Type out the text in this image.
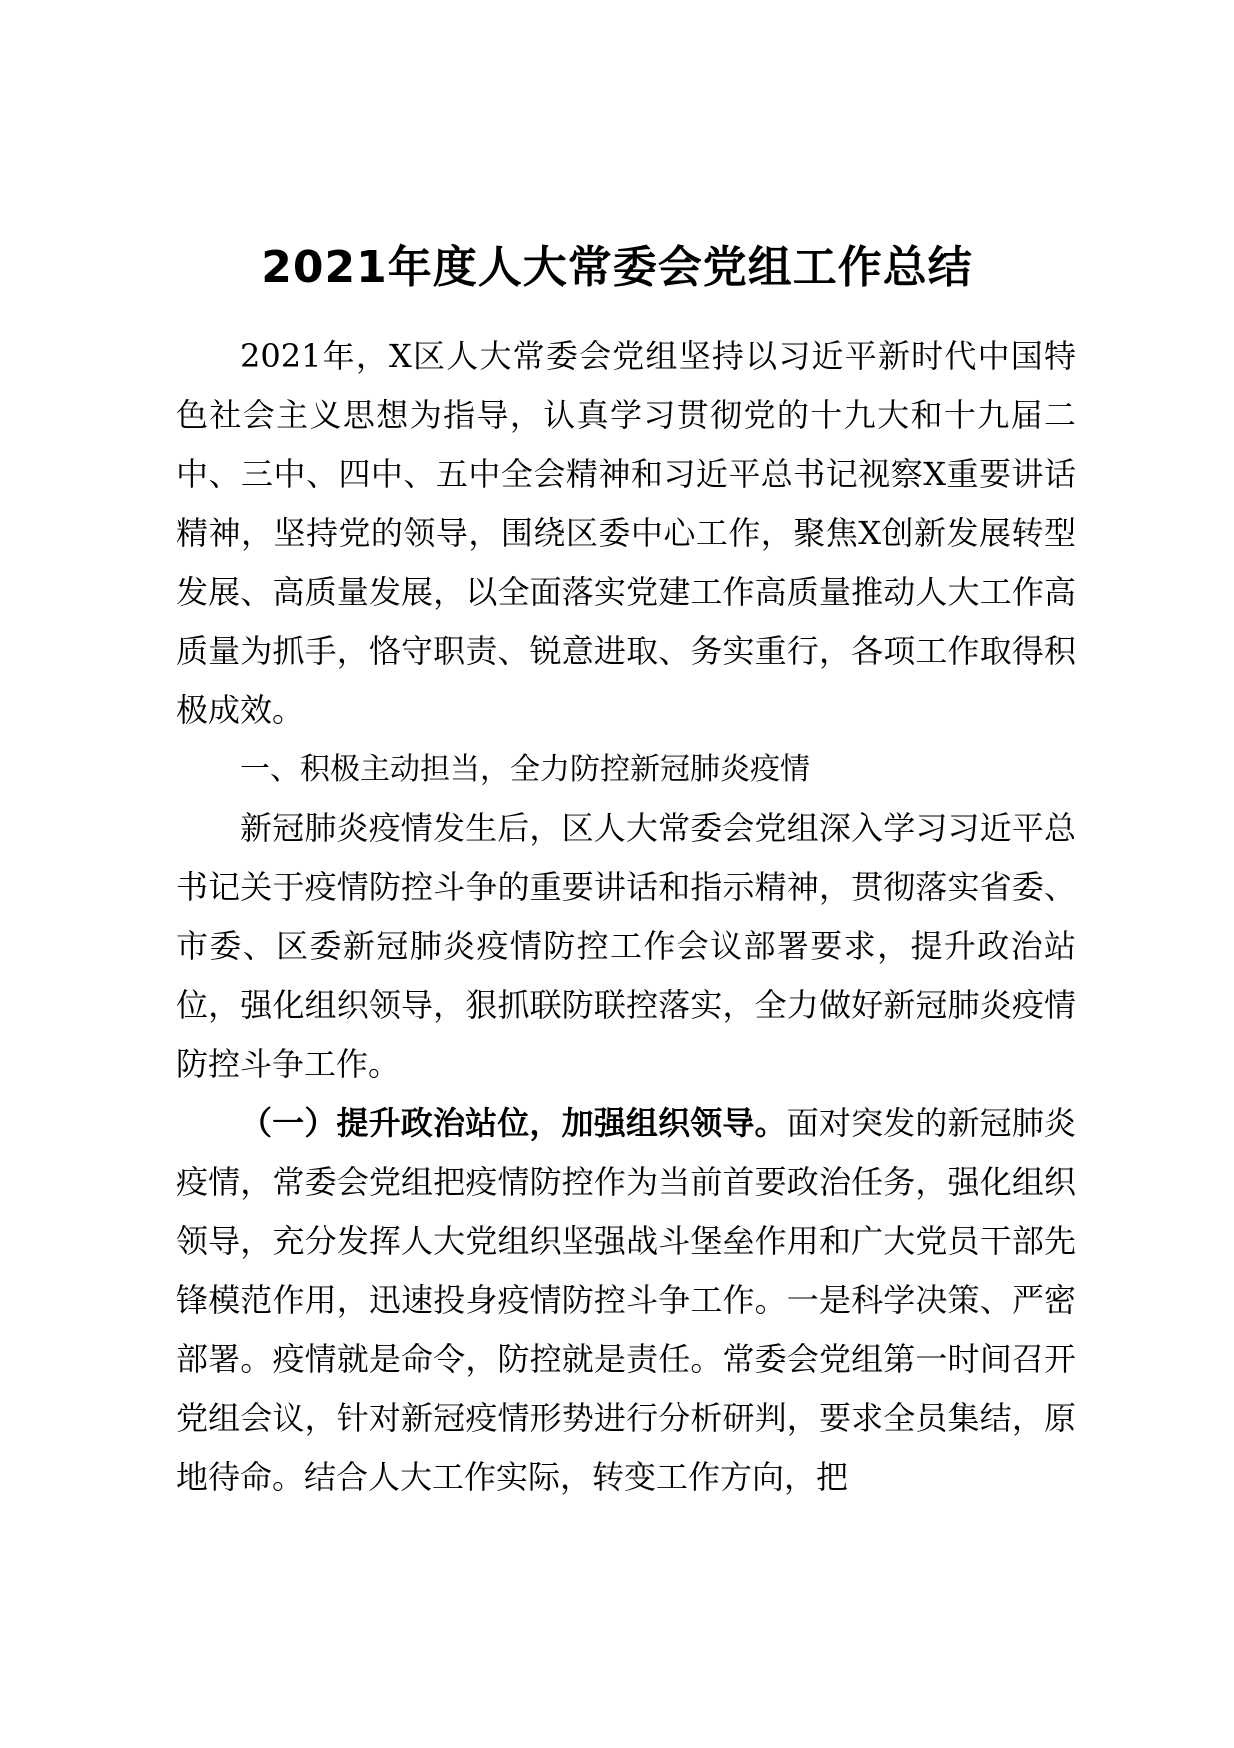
2021年度人大常委会党组工作总结

2021年，X区人大常委会党组坚持以习近平新时代中国特色社会主义思想为指导，认真学习贯彻党的十九大和十九届二中、三中、四中、五中全会精神和习近平总书记视察X重要讲话精神，坚持党的领导，围绕区委中心工作，聚焦X创新发展转型发展、高质量发展，以全面落实党建工作高质量推动人大工作高质量为抓手，恪守职责、锐意进取、务实重行，各项工作取得积极成效。

一、积极主动担当，全力防控新冠肺炎疫情

新冠肺炎疫情发生后，区人大常委会党组深入学习习近平总书记关于疫情防控斗争的重要讲话和指示精神，贯彻落实省委、市委、区委新冠肺炎疫情防控工作会议部署要求，提升政治站位，强化组织领导，狠抓联防联控落实，全力做好新冠肺炎疫情防控斗争工作。

（一）提升政治站位，加强组织领导。面对突发的新冠肺炎疫情，常委会党组把疫情防控作为当前首要政治任务，强化组织领导，充分发挥人大党组织坚强战斗堡垒作用和广大党员干部先锋模范作用，迅速投身疫情防控斗争工作。一是科学决策、严密部署。疫情就是命令，防控就是责任。常委会党组第一时间召开党组会议，针对新冠疫情形势进行分析研判，要求全员集结，原地待命。结合人大工作实际，转变工作方向，把
